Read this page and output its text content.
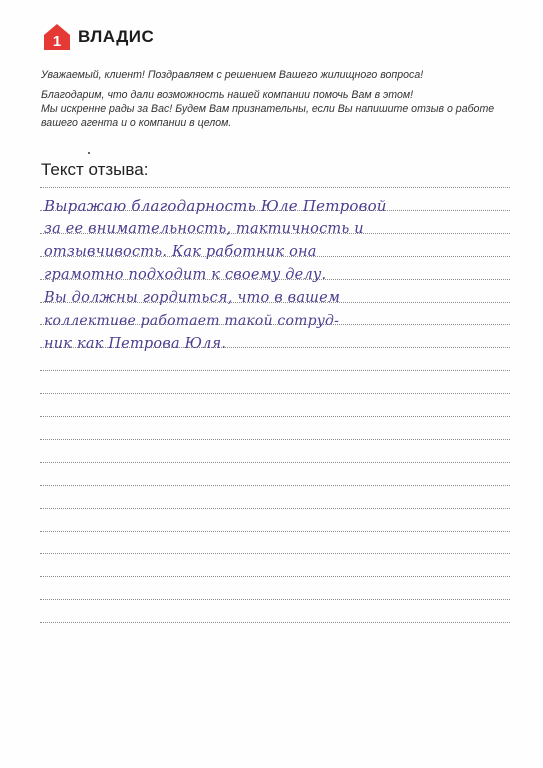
1 ВЛАДИС

Уважаемый, клиент! Поздравляем с решением Вашего жилищного вопроса!

Благодарим, что дали возможность нашей компании помочь Вам в этом!

Мы искренне рады за Вас! Будем Вам признательны, если Вы напишите отзыв о работе

вашего агента и о компании в целом.

Текст отзыва:
Выражаю благодарность Юле Петровой
за ее внимательность, тактичность и
отзывчивость. Как работник она
грамотно подходит к своему делу.
Вы должны гордиться, что в вашем
коллективе работает такой сотруд-
ник как Петрова Юля.
